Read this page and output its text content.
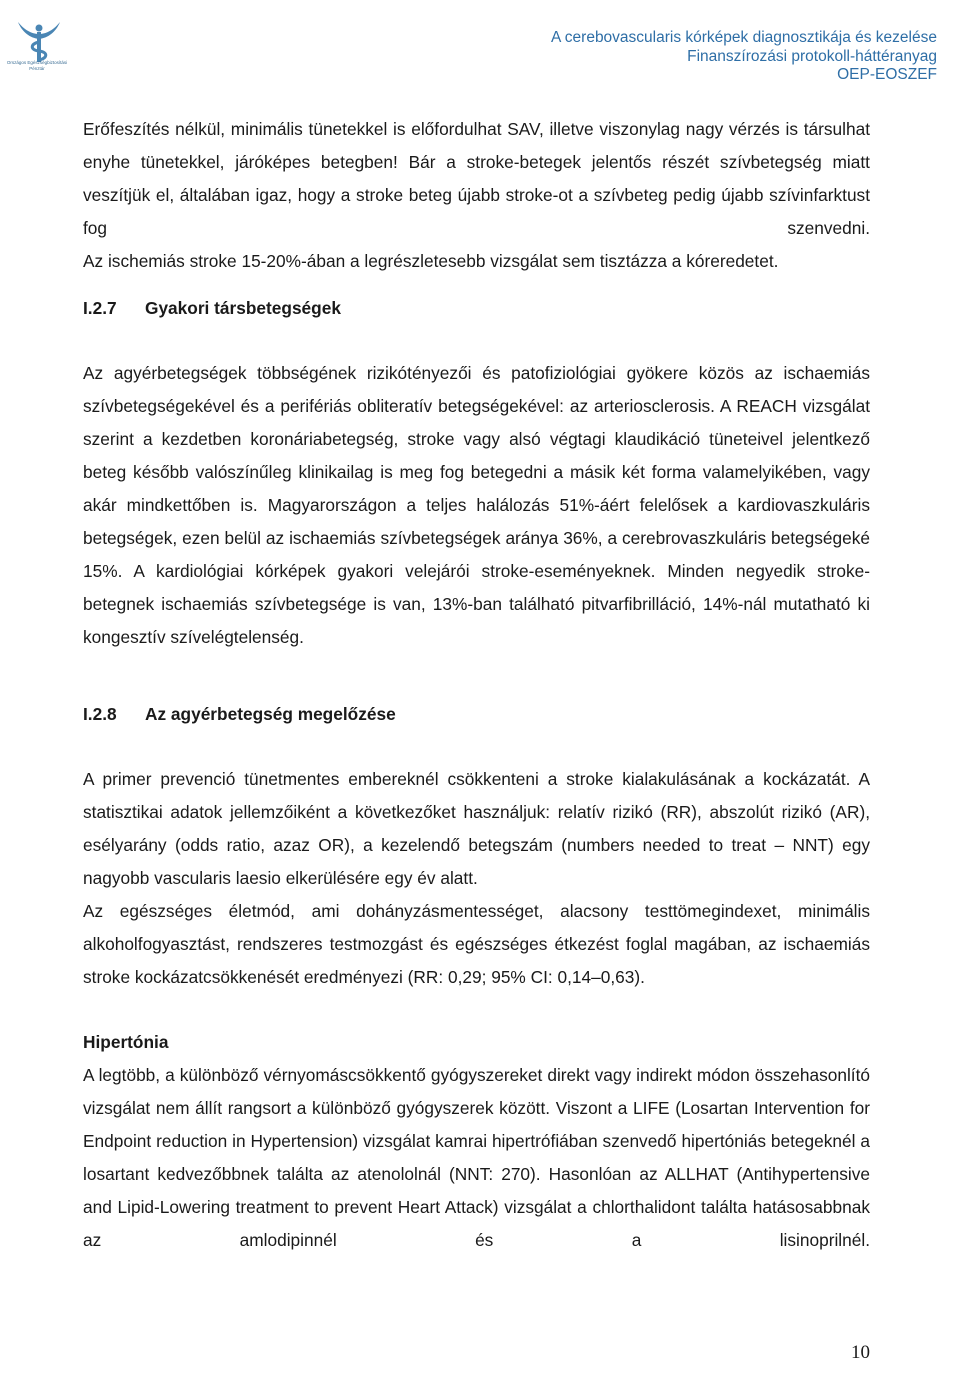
Országos Egészségbiztosítási Pénztár
A cerebovascularis kórképek diagnosztikája és kezelése
Finanszírozási protokoll-háttéranyag
OEP-EOSZEF

Erőfeszítés nélkül, minimális tünetekkel is előfordulhat SAV, illetve viszonylag nagy vérzés is társulhat enyhe tünetekkel, járóképes betegben! Bár a stroke-betegek jelentős részét szívbetegség miatt veszítjük el, általában igaz, hogy a stroke beteg újabb stroke-ot a szívbeteg pedig újabb szívinfarktust fog szenvedni.

Az ischemiás stroke 15-20%-ában a legrészletesebb vizsgálat sem tisztázza a kóreredetet.

I.2.7	Gyakori társbetegségek

Az agyérbetegségek többségének rizikótényezői és patofiziológiai gyökere közös az ischaemiás szívbetegségekével és a perifériás obliteratív betegségekével: az arteriosclerosis. A REACH vizsgálat szerint a kezdetben koronáriabetegség, stroke vagy alsó végtagi klaudikáció tüneteivel jelentkező beteg később valószínűleg klinikailag is meg fog betegedni a másik két forma valamelyikében, vagy akár mindkettőben is. Magyarországon a teljes halálozás 51%-áért felelősek a kardiovaszkuláris betegségek, ezen belül az ischaemiás szívbetegségek aránya 36%, a cerebrovaszkuláris betegségeké 15%. A kardiológiai kórképek gyakori velejárói stroke-eseményeknek. Minden negyedik stroke-betegnek ischaemiás szívbetegsége is van, 13%-ban található pitvarfibrilláció, 14%-nál mutatható ki kongesztív szívelégtelenség.

I.2.8	Az agyérbetegség megelőzése

A primer prevenció tünetmentes embereknél csökkenteni a stroke kialakulásának a kockázatát. A statisztikai adatok jellemzőiként a következőket használjuk: relatív rizikó (RR), abszolút rizikó (AR), esélyarány (odds ratio, azaz OR), a kezelendő betegszám (numbers needed to treat – NNT) egy nagyobb vascularis laesio elkerülésére egy év alatt.

Az egészséges életmód, ami dohányzásmentességet, alacsony testtömegindexet, minimális alkoholfogyasztást, rendszeres testmozgást és egészséges étkezést foglal magában, az ischaemiás stroke kockázatcsökkenését eredményezi (RR: 0,29; 95% CI: 0,14–0,63).

Hipertónia

A legtöbb, a különböző vérnyomáscsökkentő gyógyszereket direkt vagy indirekt módon összehasonlító vizsgálat nem állít rangsort a különböző gyógyszerek között. Viszont a LIFE (Losartan Intervention for Endpoint reduction in Hypertension) vizsgálat kamrai hipertrófiában szenvedő hipertóniás betegeknél a losartant kedvezőbbnek találta az atenololnál (NNT: 270). Hasonlóan az ALLHAT (Antihypertensive and Lipid-Lowering treatment to prevent Heart Attack) vizsgálat a chlorthalidont találta hatásosabbnak az amlodipinnél és a lisinoprilnél.

10
